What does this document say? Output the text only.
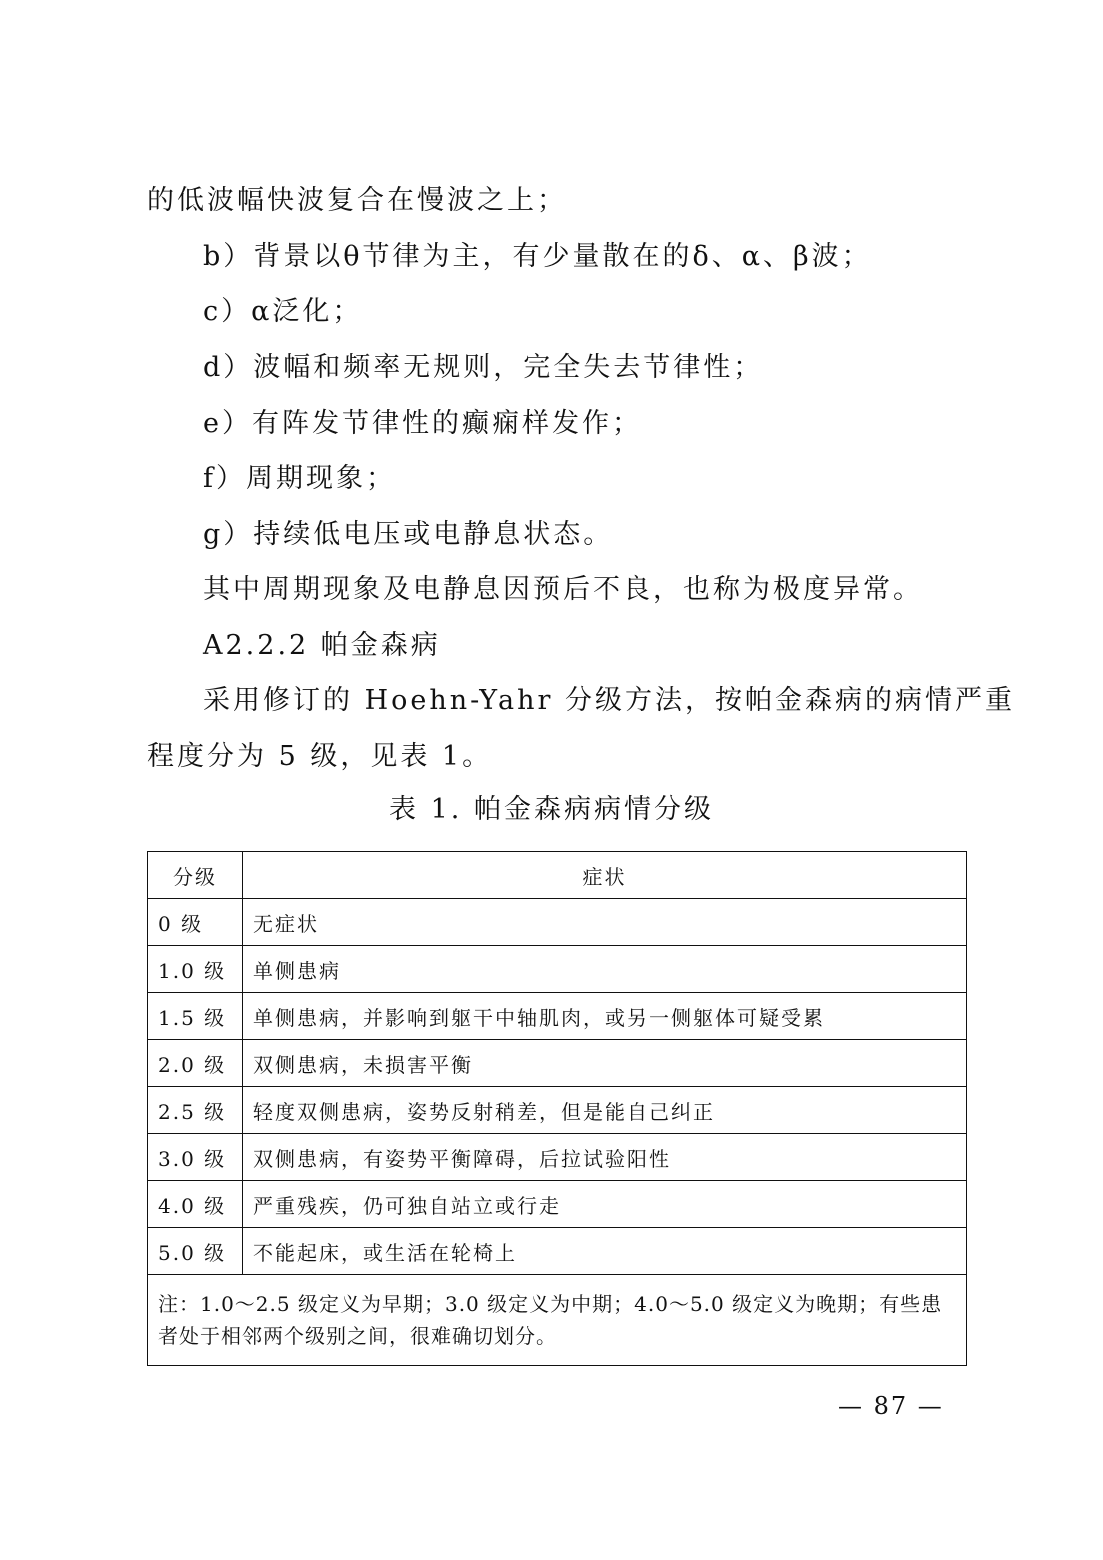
的低波幅快波复合在慢波之上；
b）背景以θ节律为主，有少量散在的δ、α、β波；
c）α泛化；
d）波幅和频率无规则，完全失去节律性；
e）有阵发节律性的癫痫样发作；
f）周期现象；
g）持续低电压或电静息状态。
其中周期现象及电静息因预后不良，也称为极度异常。
A2.2.2 帕金森病
采用修订的 Hoehn-Yahr 分级方法，按帕金森病的病情严重
程度分为 5 级，见表 1。
表 1. 帕金森病病情分级
分级	症状
0 级	无症状
1.0 级	单侧患病
1.5 级	单侧患病，并影响到躯干中轴肌肉，或另一侧躯体可疑受累
2.0 级	双侧患病，未损害平衡
2.5 级	轻度双侧患病，姿势反射稍差，但是能自己纠正
3.0 级	双侧患病，有姿势平衡障碍，后拉试验阳性
4.0 级	严重残疾，仍可独自站立或行走
5.0 级	不能起床，或生活在轮椅上
注：1.0～2.5 级定义为早期；3.0 级定义为中期；4.0～5.0 级定义为晚期；有些患者处于相邻两个级别之间，很难确切划分。	
— 87 —
